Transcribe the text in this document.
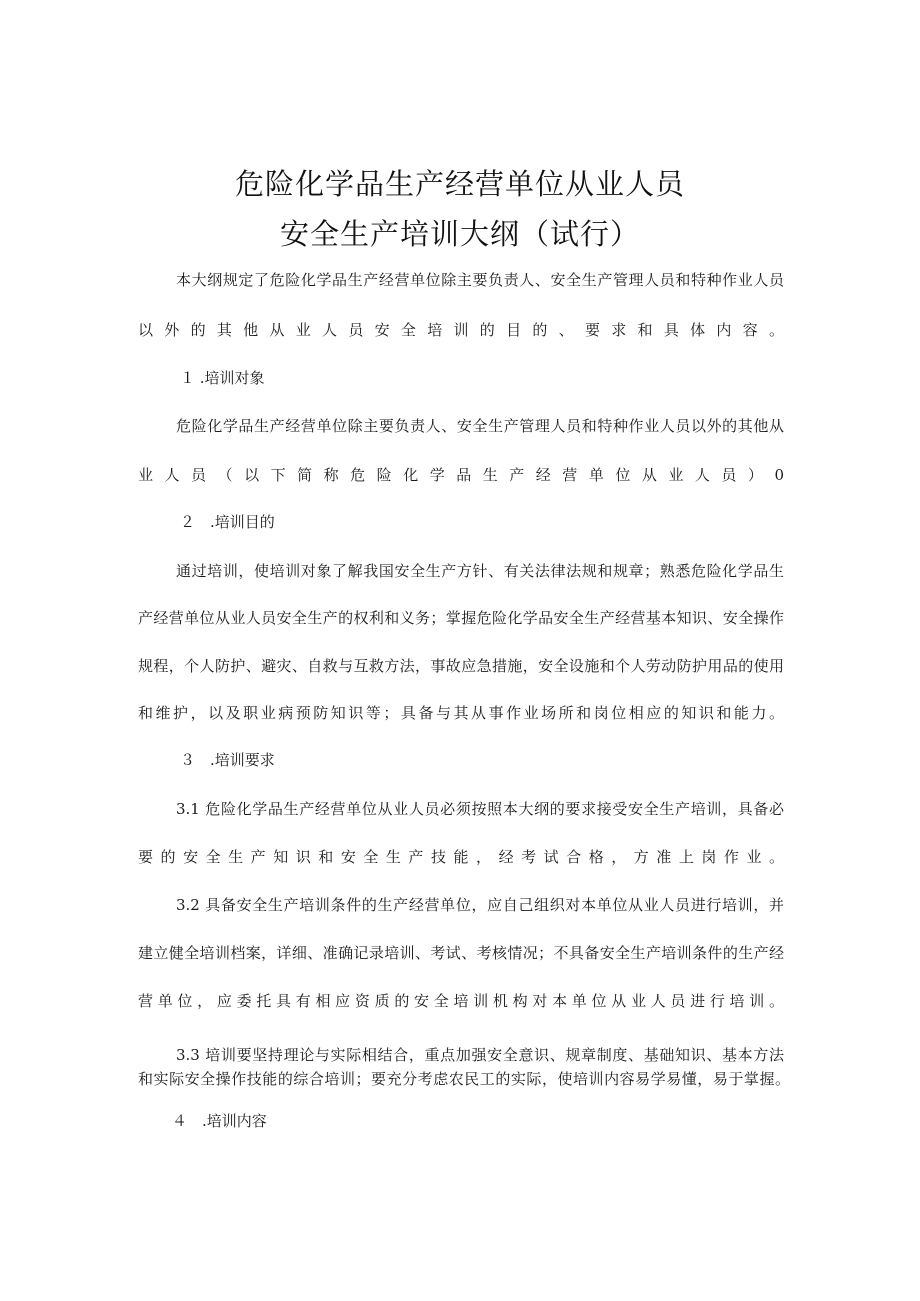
危险化学品生产经营单位从业人员
安全生产培训大纲（试行）
本大纲规定了危险化学品生产经营单位除主要负责人、安全生产管理人员和特种作业人员
以外的其他从业人员安全培训的目的、要求和具体内容。
１ .培训对象
危险化学品生产经营单位除主要负责人、安全生产管理人员和特种作业人员以外的其他从
业人员（以下简称危险化学品生产经营单位从业人员）0
２　.培训目的
通过培训，使培训对象了解我国安全生产方针、有关法律法规和规章；熟悉危险化学品生
产经营单位从业人员安全生产的权利和义务；掌握危险化学品安全生产经营基本知识、安全操作
规程，个人防护、避灾、自救与互救方法，事故应急措施，安全设施和个人劳动防护用品的使用
和维护，以及职业病预防知识等；具备与其从事作业场所和岗位相应的知识和能力。
３　.培训要求
3.1 危险化学品生产经营单位从业人员必须按照本大纲的要求接受安全生产培训，具备必
要的安全生产知识和安全生产技能，经考试合格，方准上岗作业。
3.2 具备安全生产培训条件的生产经营单位，应自己组织对本单位从业人员进行培训，并
建立健全培训档案，详细、准确记录培训、考试、考核情况；不具备安全生产培训条件的生产经
营单位，应委托具有相应资质的安全培训机构对本单位从业人员进行培训。
3.3 培训要坚持理论与实际相结合，重点加强安全意识、规章制度、基础知识、基本方法
和实际安全操作技能的综合培训；要充分考虑农民工的实际，使培训内容易学易懂，易于掌握。
４　.培训内容
